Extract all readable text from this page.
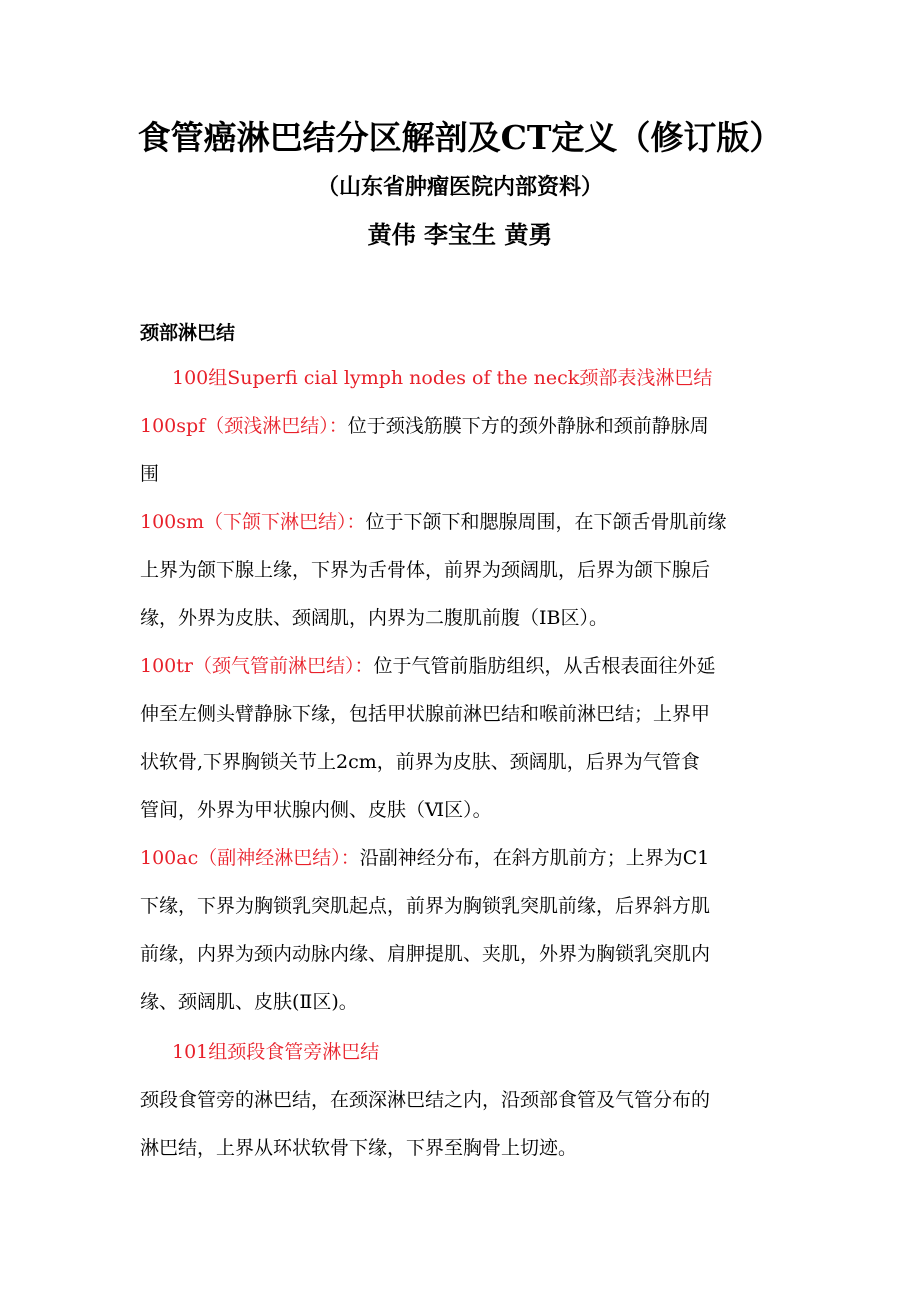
食管癌淋巴结分区解剖及CT定义（修订版）
（山东省肿瘤医院内部资料）
黄伟 李宝生 黄勇
颈部淋巴结
100组Superfi cial lymph nodes of the neck颈部表浅淋巴结
100spf（颈浅淋巴结）：位于颈浅筋膜下方的颈外静脉和颈前静脉周
围
100sm（下颌下淋巴结）：位于下颌下和腮腺周围，在下颌舌骨肌前缘
上界为颌下腺上缘，下界为舌骨体，前界为颈阔肌，后界为颌下腺后
缘，外界为皮肤、颈阔肌，内界为二腹肌前腹（ⅠB区）。
100tr（颈气管前淋巴结）：位于气管前脂肪组织，从舌根表面往外延
伸至左侧头臂静脉下缘，包括甲状腺前淋巴结和喉前淋巴结；上界甲
状软骨,下界胸锁关节上2cm，前界为皮肤、颈阔肌，后界为气管食
管间，外界为甲状腺内侧、皮肤（Ⅵ区）。
100ac（副神经淋巴结）：沿副神经分布，在斜方肌前方；上界为C1
下缘，下界为胸锁乳突肌起点，前界为胸锁乳突肌前缘，后界斜方肌
前缘，内界为颈内动脉内缘、肩胛提肌、夹肌，外界为胸锁乳突肌内
缘、颈阔肌、皮肤(Ⅱ区)。
101组颈段食管旁淋巴结
颈段食管旁的淋巴结，在颈深淋巴结之内，沿颈部食管及气管分布的
淋巴结，上界从环状软骨下缘，下界至胸骨上切迹。
